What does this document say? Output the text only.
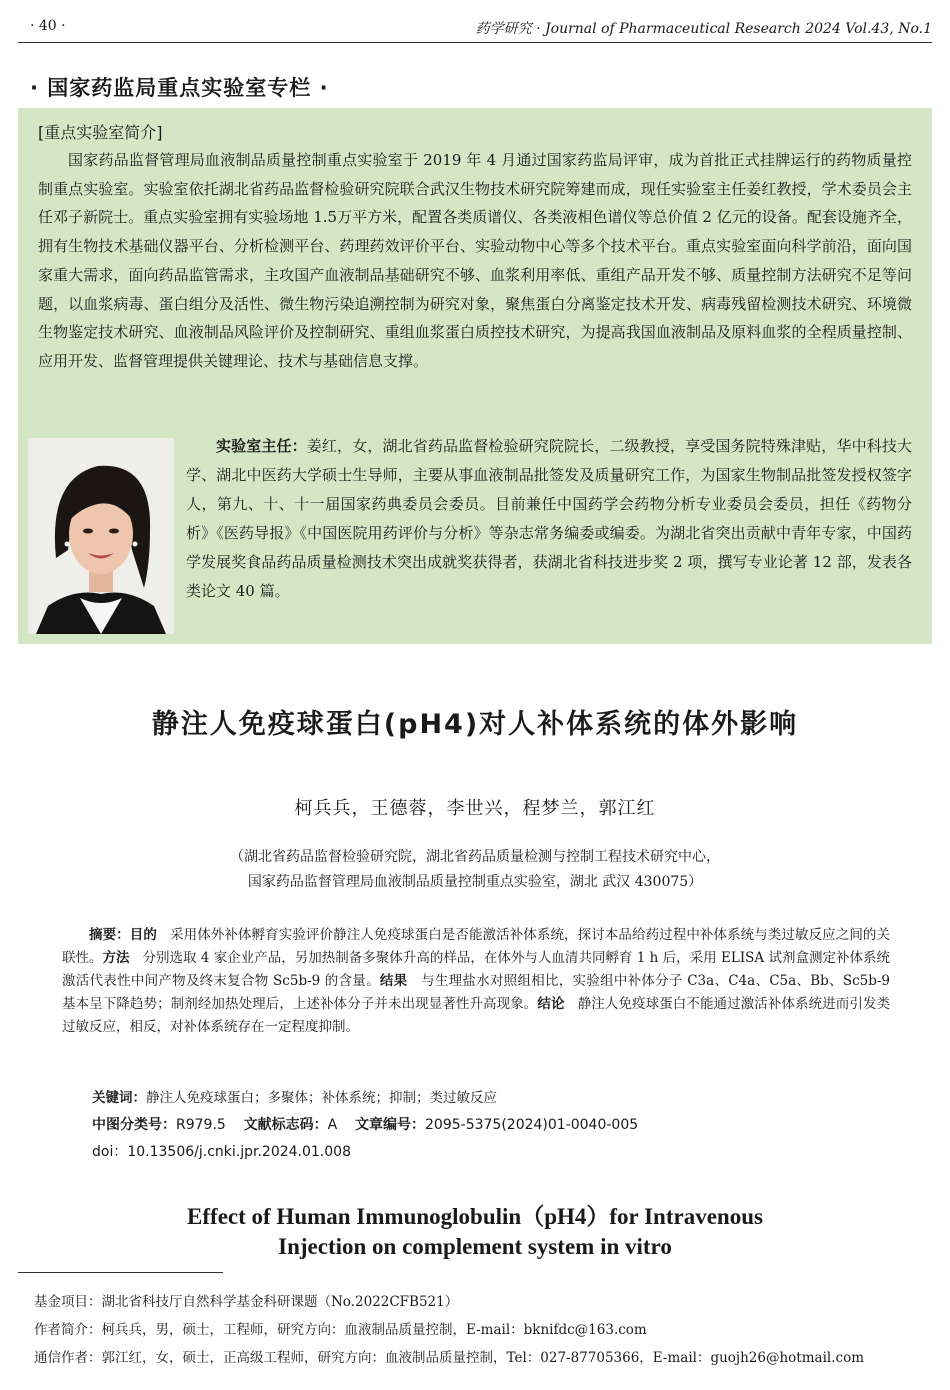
· 40 ·	药学研究 · Journal of Pharmaceutical Research 2024 Vol.43, No.1
· 国家药监局重点实验室专栏 ·
[重点实验室简介]
国家药品监督管理局血液制品质量控制重点实验室于 2019 年 4 月通过国家药监局评审，成为首批正式挂牌运行的药物质量控制重点实验室。实验室依托湖北省药品监督检验研究院联合武汉生物技术研究院筹建而成，现任实验室主任姜红教授，学术委员会主任邓子新院士。重点实验室拥有实验场地 1.5万平方米，配置各类质谱仪、各类液相色谱仪等总价值 2 亿元的设备。配套设施齐全，拥有生物技术基础仪器平台、分析检测平台、药理药效评价平台、实验动物中心等多个技术平台。重点实验室面向科学前沿，面向国家重大需求，面向药品监管需求，主攻国产血液制品基础研究不够、血浆利用率低、重组产品开发不够、质量控制方法研究不足等问题，以血浆病毒、蛋白组分及活性、微生物污染追溯控制为研究对象，聚焦蛋白分离鉴定技术开发、病毒残留检测技术研究、环境微生物鉴定技术研究、血液制品风险评价及控制研究、重组血浆蛋白质控技术研究，为提高我国血液制品及原料血浆的全程质量控制、应用开发、监督管理提供关键理论、技术与基础信息支撑。
实验室主任：姜红，女，湖北省药品监督检验研究院院长，二级教授，享受国务院特殊津贴，华中科技大学、湖北中医药大学硕士生导师，主要从事血液制品批签发及质量研究工作，为国家生物制品批签发授权签字人，第九、十、十一届国家药典委员会委员。目前兼任中国药学会药物分析专业委员会委员，担任《药物分析》《医药导报》《中国医院用药评价与分析》等杂志常务编委或编委。为湖北省突出贡献中青年专家，中国药学发展奖食品药品质量检测技术突出成就奖获得者，获湖北省科技进步奖 2 项，撰写专业论著 12 部，发表各类论文 40 篇。
静注人免疫球蛋白(pH4)对人补体系统的体外影响
柯兵兵，王德蓉，李世兴，程梦兰，郭江红
（湖北省药品监督检验研究院，湖北省药品质量检测与控制工程技术研究中心，
国家药品监督管理局血液制品质量控制重点实验室，湖北 武汉 430075）
摘要：目的 采用体外补体孵育实验评价静注人免疫球蛋白是否能激活补体系统，探讨本品给药过程中补体系统与类过敏反应之间的关联性。方法 分别选取 4 家企业产品，另加热制备多聚体升高的样品，在体外与人血清共同孵育 1 h 后，采用 ELISA 试剂盒测定补体系统激活代表性中间产物及终末复合物 Sc5b-9 的含量。结果 与生理盐水对照组相比，实验组中补体分子 C3a、C4a、C5a、Bb、Sc5b-9 基本呈下降趋势；制剂经加热处理后，上述补体分子并未出现显著性升高现象。结论 静注人免疫球蛋白不能通过激活补体系统进而引发类过敏反应，相反，对补体系统存在一定程度抑制。
关键词：静注人免疫球蛋白；多聚体；补体系统；抑制；类过敏反应
中图分类号：R979.5 文献标志码：A 文章编号：2095-5375(2024)01-0040-005
doi：10.13506/j.cnki.jpr.2024.01.008
Effect of Human Immunoglobulin（pH4）for Intravenous
Injection on complement system in vitro
基金项目：湖北省科技厅自然科学基金科研课题（No.2022CFB521）
作者简介：柯兵兵，男，硕士，工程师，研究方向：血液制品质量控制，E-mail：bknifdc@163.com
通信作者：郭江红，女，硕士，正高级工程师，研究方向：血液制品质量控制，Tel：027-87705366，E-mail：guojh26@hotmail.com
